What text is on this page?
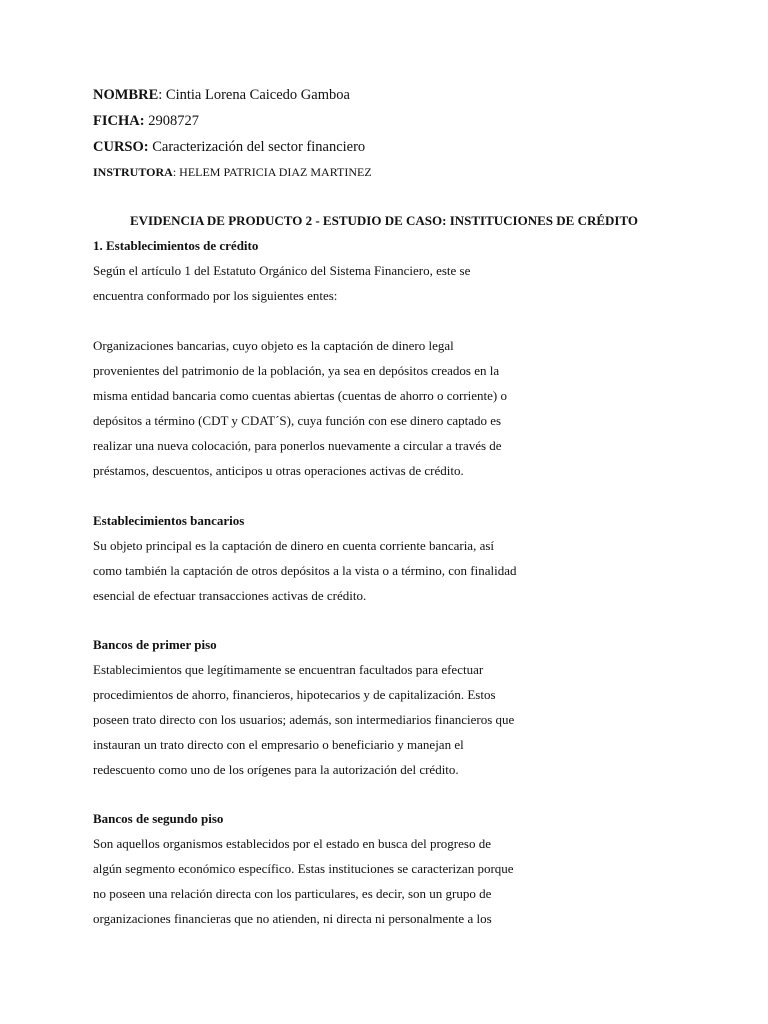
NOMBRE: Cintia Lorena Caicedo Gamboa
FICHA: 2908727
CURSO: Caracterización del sector financiero
INSTRUTORA: HELEM PATRICIA DIAZ MARTINEZ
EVIDENCIA DE PRODUCTO 2 - ESTUDIO DE CASO: INSTITUCIONES DE CRÉDITO
1. Establecimientos de crédito
Según el artículo 1 del Estatuto Orgánico del Sistema Financiero, este se
encuentra conformado por los siguientes entes:
Organizaciones bancarias, cuyo objeto es la captación de dinero legal
provenientes del patrimonio de la población, ya sea en depósitos creados en la
misma entidad bancaria como cuentas abiertas (cuentas de ahorro o corriente) o
depósitos a término (CDT y CDAT´S), cuya función con ese dinero captado es
realizar una nueva colocación, para ponerlos nuevamente a circular a través de
préstamos, descuentos, anticipos u otras operaciones activas de crédito.
Establecimientos bancarios
Su objeto principal es la captación de dinero en cuenta corriente bancaria, así
como también la captación de otros depósitos a la vista o a término, con finalidad
esencial de efectuar transacciones activas de crédito.
Bancos de primer piso
Establecimientos que legítimamente se encuentran facultados para efectuar
procedimientos de ahorro, financieros, hipotecarios y de capitalización. Estos
poseen trato directo con los usuarios; además, son intermediarios financieros que
instauran un trato directo con el empresario o beneficiario y manejan el
redescuento como uno de los orígenes para la autorización del crédito.
Bancos de segundo piso
Son aquellos organismos establecidos por el estado en busca del progreso de
algún segmento económico específico. Estas instituciones se caracterizan porque
no poseen una relación directa con los particulares, es decir, son un grupo de
organizaciones financieras que no atienden, ni directa ni personalmente a los
